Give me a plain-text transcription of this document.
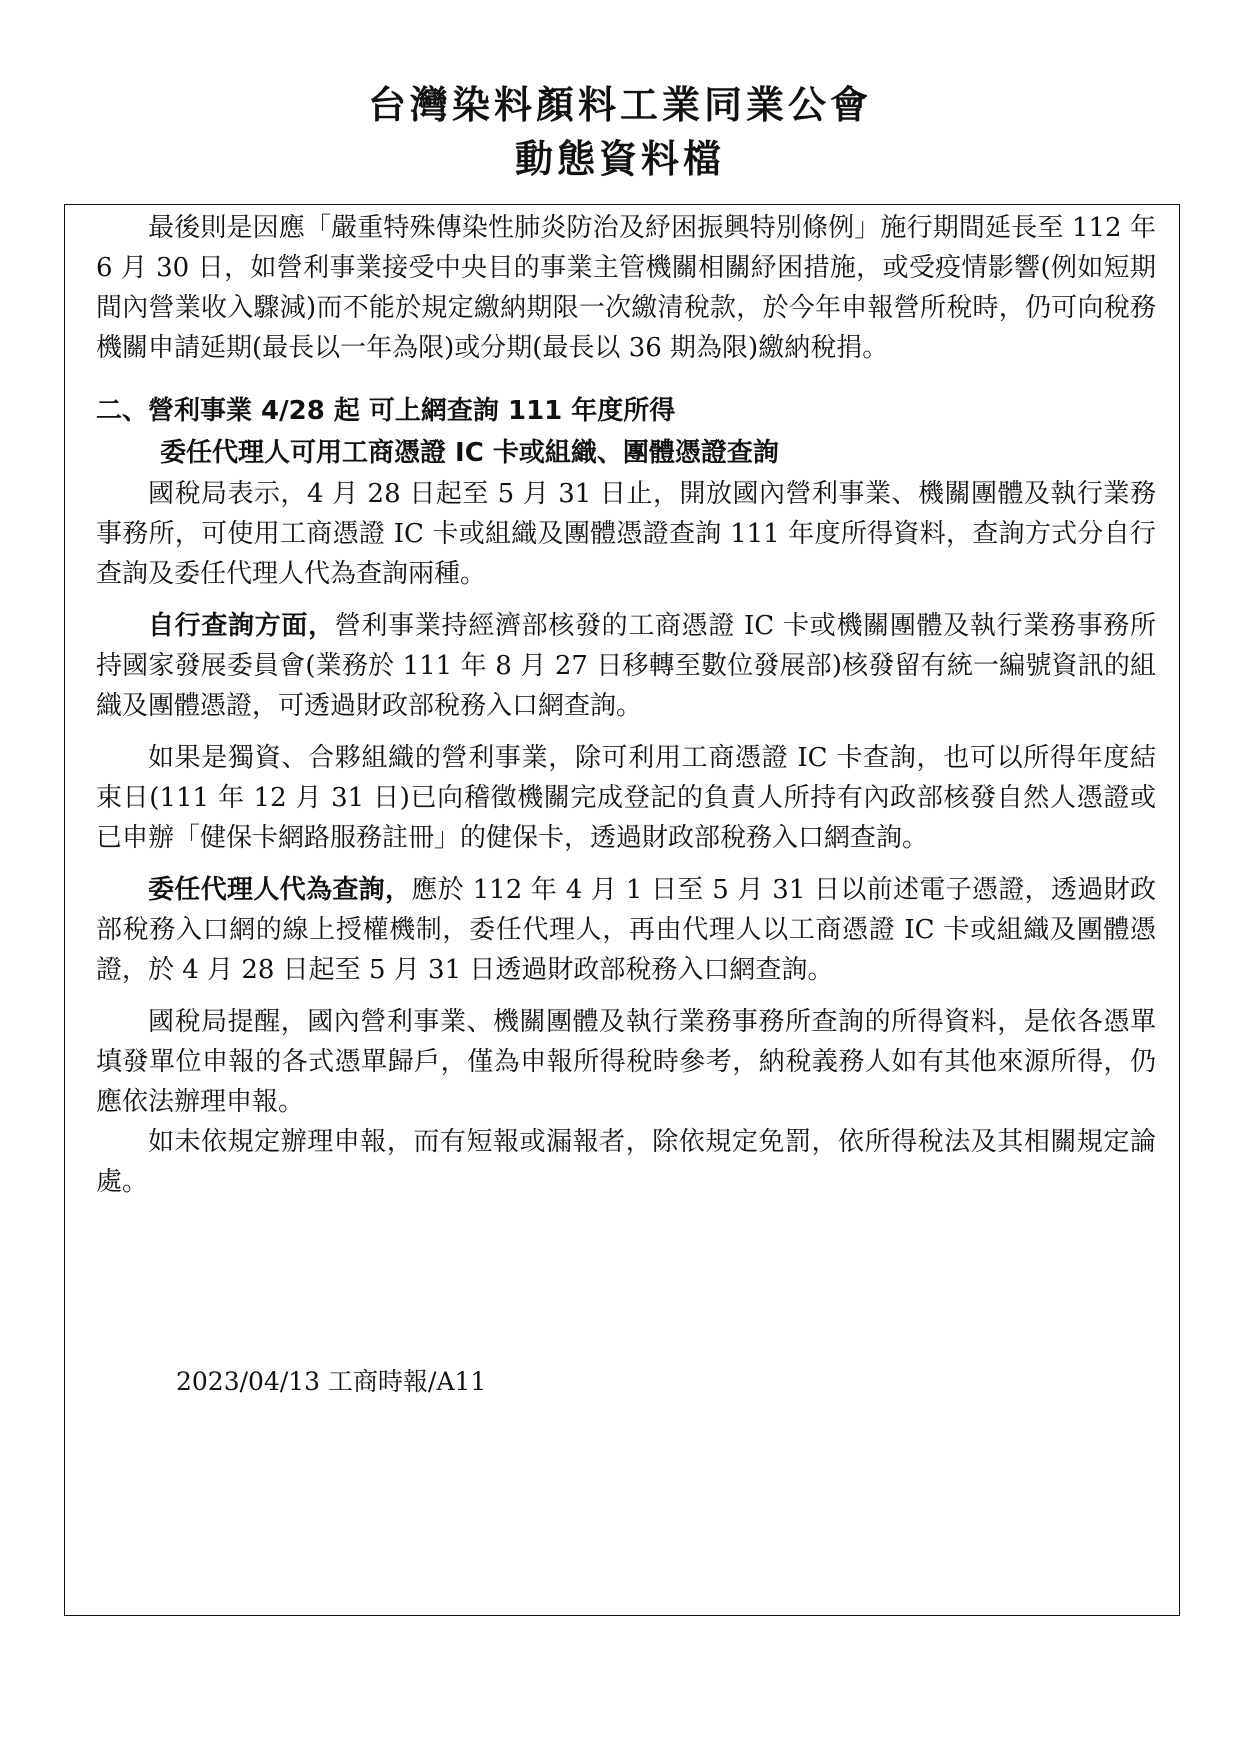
台灣染料顏料工業同業公會
動態資料檔

最後則是因應「嚴重特殊傳染性肺炎防治及紓困振興特別條例」施行期間延長至 112 年 6 月 30 日，如營利事業接受中央目的事業主管機關相關紓困措施，或受疫情影響(例如短期間內營業收入驟減)而不能於規定繳納期限一次繳清稅款，於今年申報營所稅時，仍可向稅務機關申請延期(最長以一年為限)或分期(最長以 36 期為限)繳納稅捐。

二、營利事業 4/28 起 可上網查詢 111 年度所得

委任代理人可用工商憑證 IC 卡或組織、團體憑證查詢

國稅局表示，4 月 28 日起至 5 月 31 日止，開放國內營利事業、機關團體及執行業務事務所，可使用工商憑證 IC 卡或組織及團體憑證查詢 111 年度所得資料，查詢方式分自行查詢及委任代理人代為查詢兩種。

自行查詢方面，營利事業持經濟部核發的工商憑證 IC 卡或機關團體及執行業務事務所持國家發展委員會(業務於 111 年 8 月 27 日移轉至數位發展部)核發留有統一編號資訊的組織及團體憑證，可透過財政部稅務入口網查詢。

如果是獨資、合夥組織的營利事業，除可利用工商憑證 IC 卡查詢，也可以所得年度結束日(111 年 12 月 31 日)已向稽徵機關完成登記的負責人所持有內政部核發自然人憑證或已申辦「健保卡網路服務註冊」的健保卡，透過財政部稅務入口網查詢。

委任代理人代為查詢，應於 112 年 4 月 1 日至 5 月 31 日以前述電子憑證，透過財政部稅務入口網的線上授權機制，委任代理人，再由代理人以工商憑證 IC 卡或組織及團體憑證，於 4 月 28 日起至 5 月 31 日透過財政部稅務入口網查詢。

國稅局提醒，國內營利事業、機關團體及執行業務事務所查詢的所得資料，是依各憑單填發單位申報的各式憑單歸戶，僅為申報所得稅時參考，納稅義務人如有其他來源所得，仍應依法辦理申報。

如未依規定辦理申報，而有短報或漏報者，除依規定免罰，依所得稅法及其相關規定論處。

2023/04/13 工商時報/A11
